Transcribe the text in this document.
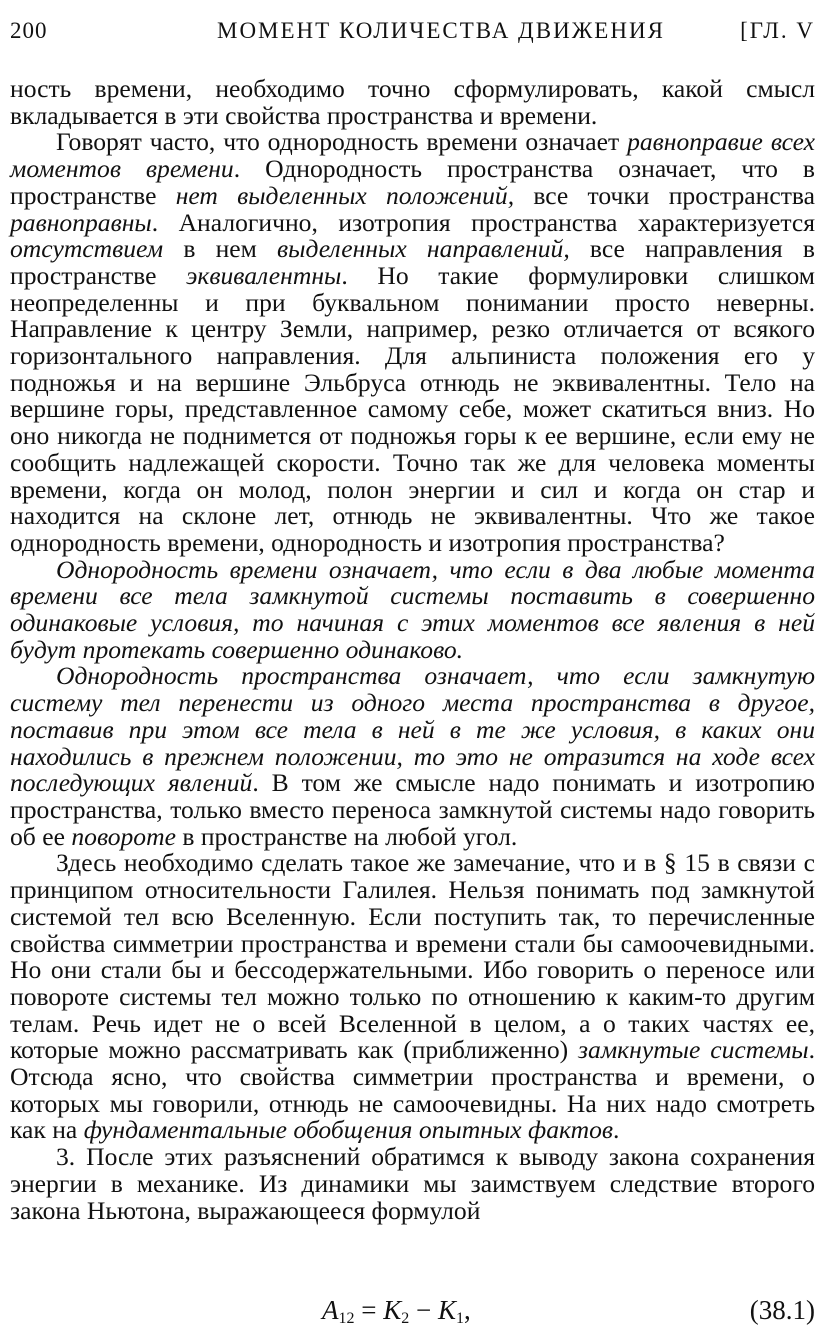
200	МОМЕНТ КОЛИЧЕСТВА ДВИЖЕНИЯ	[ГЛ. V

ность времени, необходимо точно сформулировать, какой смысл вкладывается в эти свойства пространства и времени.

Говорят часто, что однородность времени означает равноправие всех моментов времени. Однородность пространства означает, что в пространстве нет выделенных положений, все точки пространства равноправны. Аналогично, изотропия пространства характеризуется отсутствием в нем выделенных направлений, все направления в пространстве эквивалентны. Но такие формулировки слишком неопределенны и при буквальном понимании просто неверны. Направление к центру Земли, например, резко отличается от всякого горизонтального направления. Для альпиниста положения его у подножья и на вершине Эльбруса отнюдь не эквивалентны. Тело на вершине горы, представленное самому себе, может скатиться вниз. Но оно никогда не поднимется от подножья горы к ее вершине, если ему не сообщить надлежащей скорости. Точно так же для человека моменты времени, когда он молод, полон энергии и сил и когда он стар и находится на склоне лет, отнюдь не эквивалентны. Что же такое однородность времени, однородность и изотропия пространства?

Однородность времени означает, что если в два любые момента времени все тела замкнутой системы поставить в совершенно одинаковые условия, то начиная с этих моментов все явления в ней будут протекать совершенно одинаково.

Однородность пространства означает, что если замкнутую систему тел перенести из одного места пространства в другое, поставив при этом все тела в ней в те же условия, в каких они находились в прежнем положении, то это не отразится на ходе всех последующих явлений. В том же смысле надо понимать и изотропию пространства, только вместо переноса замкнутой системы надо говорить об ее повороте в пространстве на любой угол.

Здесь необходимо сделать такое же замечание, что и в § 15 в связи с принципом относительности Галилея. Нельзя понимать под замкнутой системой тел всю Вселенную. Если поступить так, то перечисленные свойства симметрии пространства и времени стали бы самоочевидными. Но они стали бы и бессодержательными. Ибо говорить о переносе или повороте системы тел можно только по отношению к каким-то другим телам. Речь идет не о всей Вселенной в целом, а о таких частях ее, которые можно рассматривать как (приближенно) замкнутые системы. Отсюда ясно, что свойства симметрии пространства и времени, о которых мы говорили, отнюдь не самоочевидны. На них надо смотреть как на фундаментальные обобщения опытных фактов.

3. После этих разъяснений обратимся к выводу закона сохранения энергии в механике. Из динамики мы заимствуем следствие второго закона Ньютона, выражающееся формулой

$A_{12} = K_2 - K_1$,	(38.1)
